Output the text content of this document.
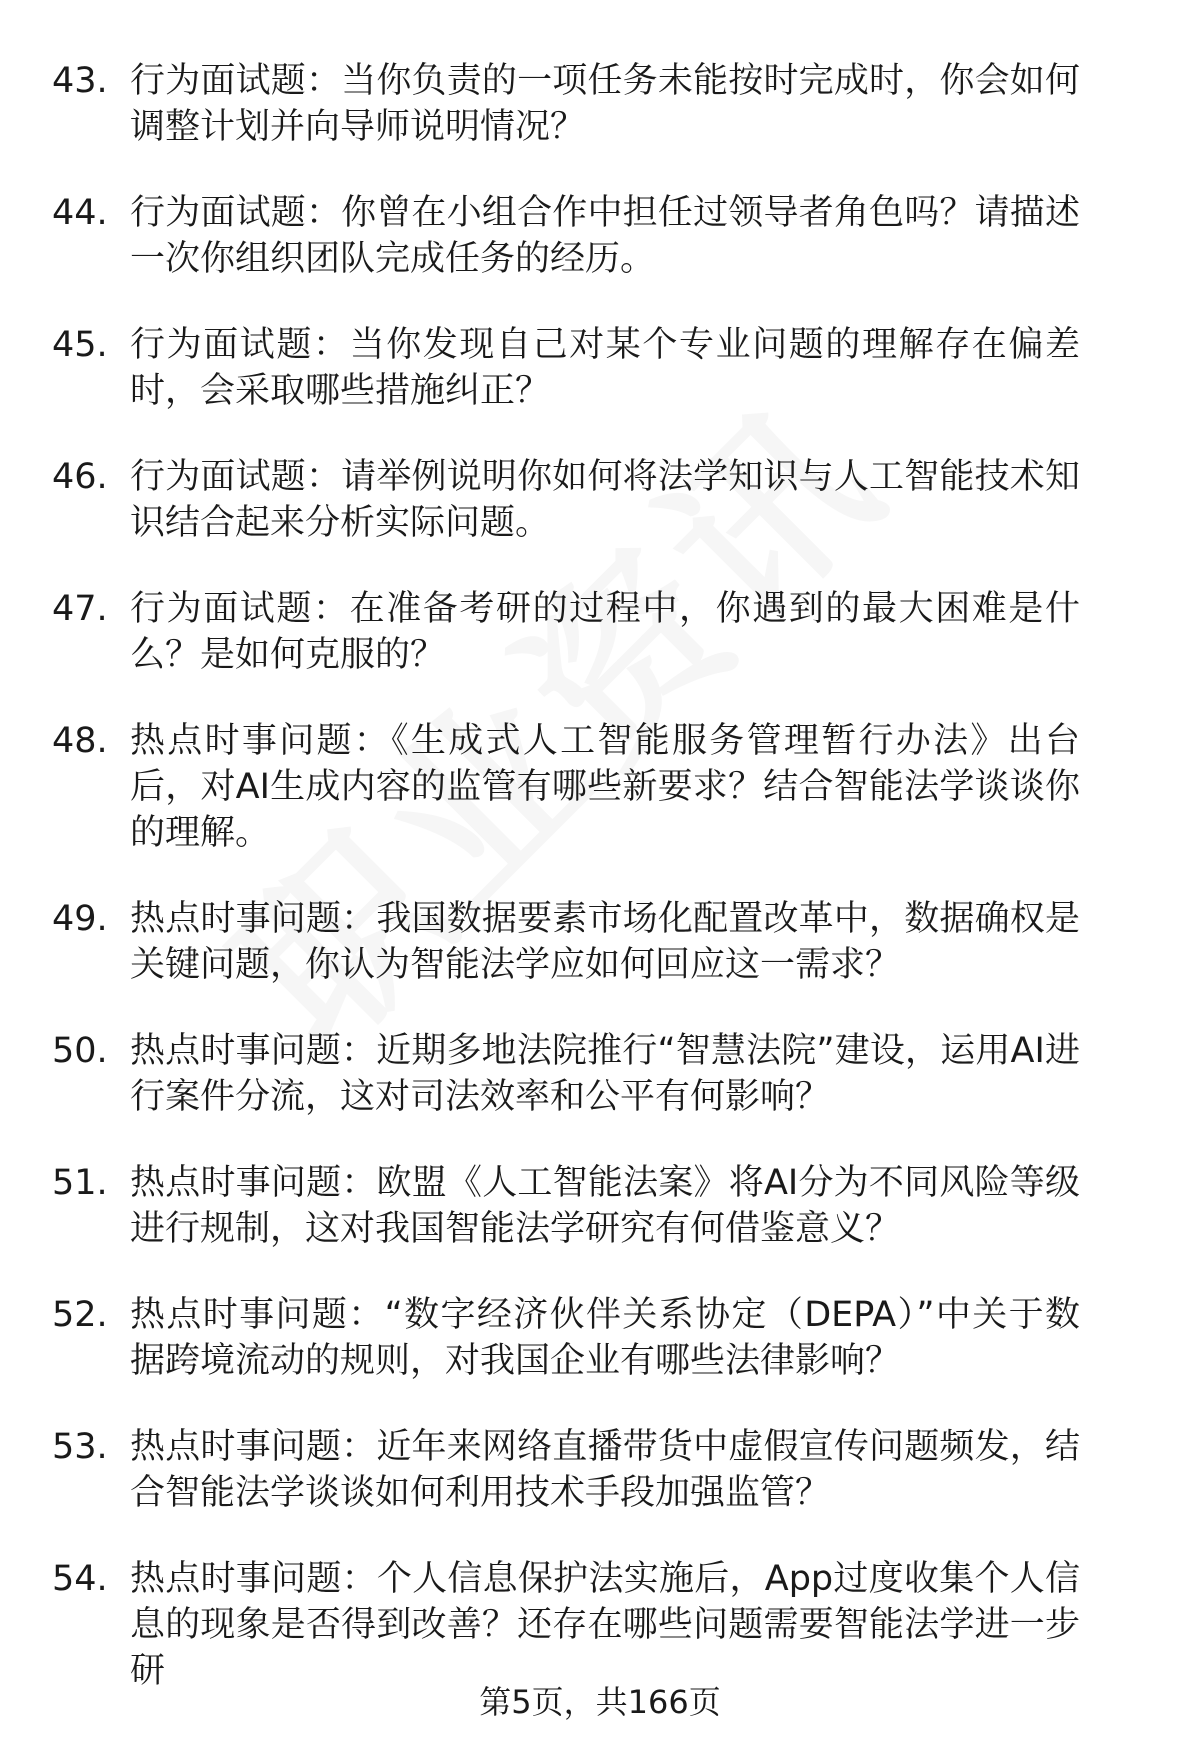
43. 行为面试题：当你负责的一项任务未能按时完成时，你会如何调整计划并向导师说明情况？
44. 行为面试题：你曾在小组合作中担任过领导者角色吗？请描述一次你组织团队完成任务的经历。
45. 行为面试题：当你发现自己对某个专业问题的理解存在偏差时，会采取哪些措施纠正？
46. 行为面试题：请举例说明你如何将法学知识与人工智能技术知识结合起来分析实际问题。
47. 行为面试题：在准备考研的过程中，你遇到的最大困难是什么？是如何克服的？
48. 热点时事问题：《生成式人工智能服务管理暂行办法》出台后，对AI生成内容的监管有哪些新要求？结合智能法学谈谈你的理解。
49. 热点时事问题：我国数据要素市场化配置改革中，数据确权是关键问题，你认为智能法学应如何回应这一需求？
50. 热点时事问题：近期多地法院推行“智慧法院”建设，运用AI进行案件分流，这对司法效率和公平有何影响？
51. 热点时事问题：欧盟《人工智能法案》将AI分为不同风险等级进行规制，这对我国智能法学研究有何借鉴意义？
52. 热点时事问题：“数字经济伙伴关系协定（DEPA）”中关于数据跨境流动的规则，对我国企业有哪些法律影响？
53. 热点时事问题：近年来网络直播带货中虚假宣传问题频发，结合智能法学谈谈如何利用技术手段加强监管？
54. 热点时事问题：个人信息保护法实施后，App过度收集个人信息的现象是否得到改善？还存在哪些问题需要智能法学进一步研
第5页，共166页
